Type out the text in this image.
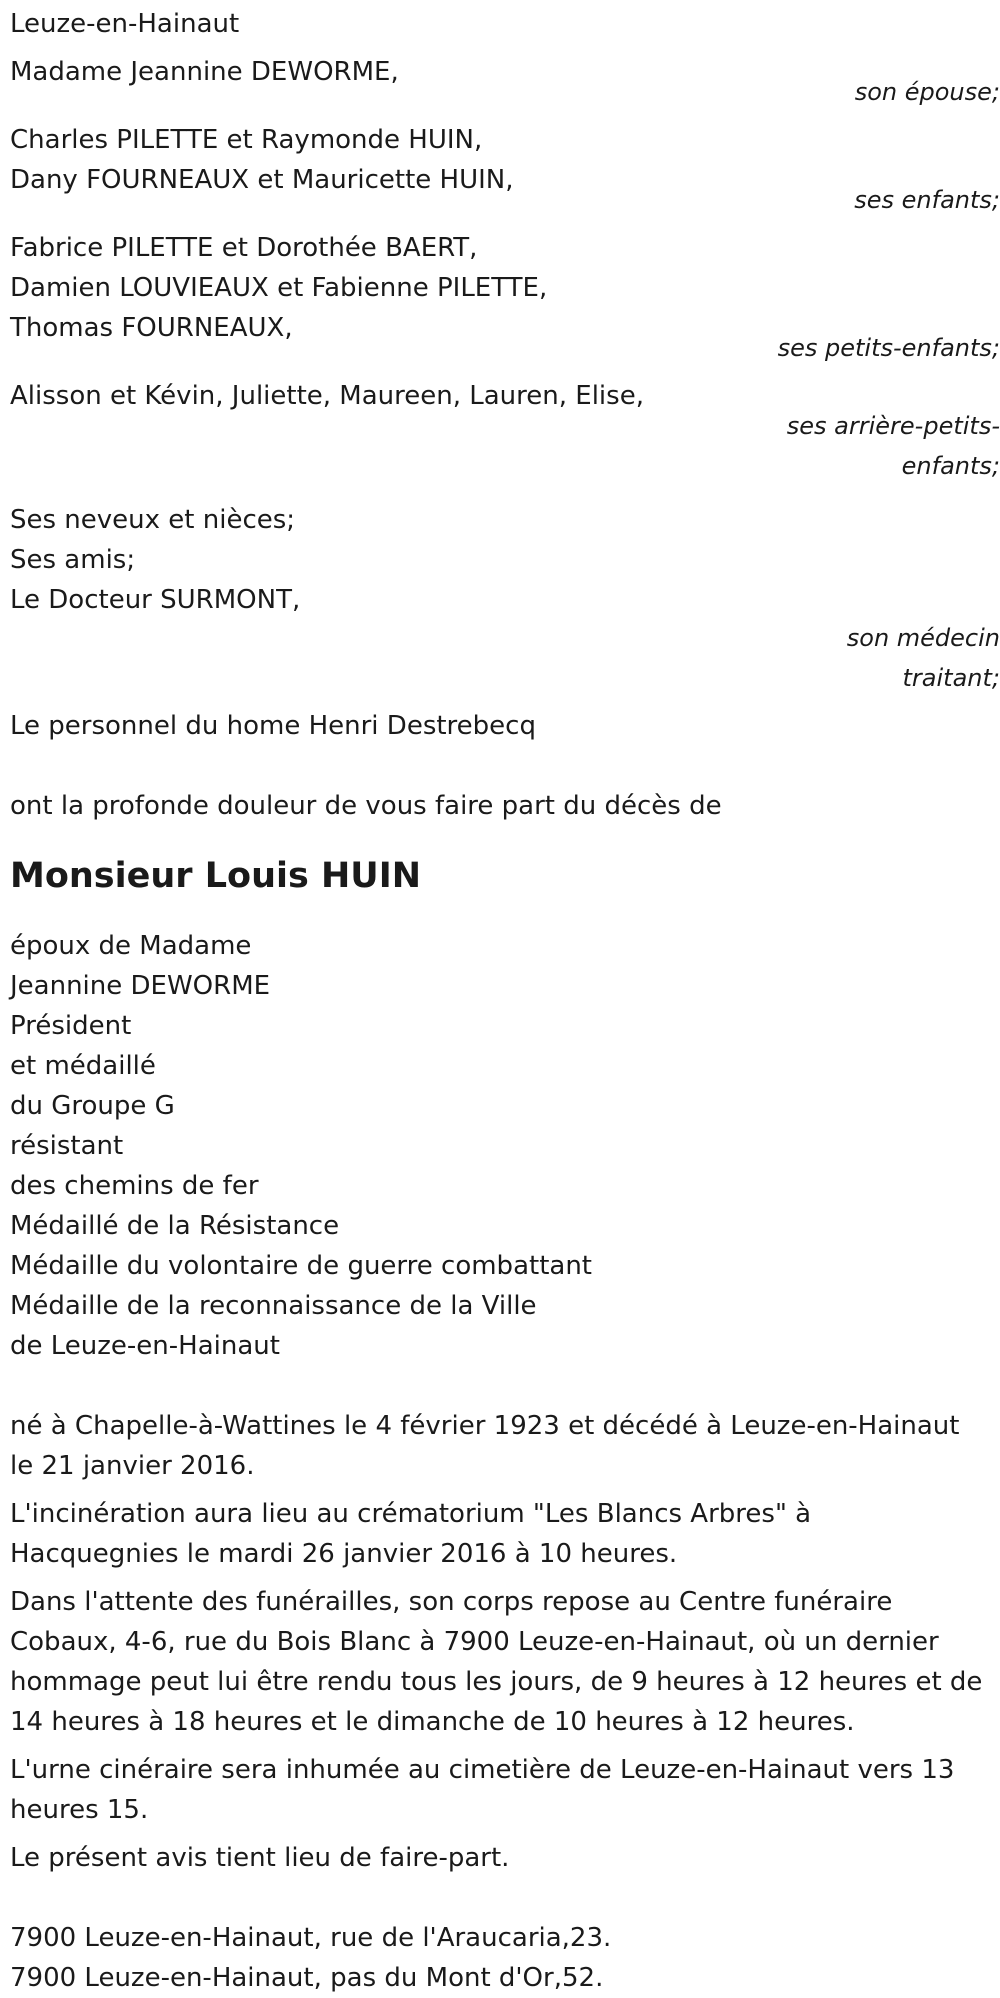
Leuze-en-Hainaut
Madame Jeannine DEWORME,
son épouse;
Charles PILETTE et Raymonde HUIN,
Dany FOURNEAUX et Mauricette HUIN,
ses enfants;
Fabrice PILETTE et Dorothée BAERT,
Damien LOUVIEAUX et Fabienne PILETTE,
Thomas FOURNEAUX,
ses petits-enfants;
Alisson et Kévin, Juliette, Maureen, Lauren, Elise,
ses arrière-petits-
enfants;
Ses neveux et nièces;
Ses amis;
Le Docteur SURMONT,
son médecin
traitant;
Le personnel du home Henri Destrebecq
ont la profonde douleur de vous faire part du décès de
Monsieur Louis HUIN
époux de Madame
Jeannine DEWORME
Président
et médaillé
du Groupe G
résistant
des chemins de fer
Médaillé de la Résistance
Médaille du volontaire de guerre combattant
Médaille de la reconnaissance de la Ville
de Leuze-en-Hainaut
né à Chapelle-à-Wattines le 4 février 1923 et décédé à Leuze-en-Hainaut le 21 janvier 2016.
L'incinération aura lieu au crématorium "Les Blancs Arbres" à Hacquegnies le mardi 26 janvier 2016 à 10 heures.
Dans l'attente des funérailles, son corps repose au Centre funéraire Cobaux, 4-6, rue du Bois Blanc à 7900 Leuze-en-Hainaut, où un dernier hommage peut lui être rendu tous les jours, de 9 heures à 12 heures et de 14 heures à 18 heures et le dimanche de 10 heures à 12 heures.
L'urne cinéraire sera inhumée au cimetière de Leuze-en-Hainaut vers 13 heures 15.
Le présent avis tient lieu de faire-part.
7900 Leuze-en-Hainaut, rue de l'Araucaria,23.
7900 Leuze-en-Hainaut, pas du Mont d'Or,52.
